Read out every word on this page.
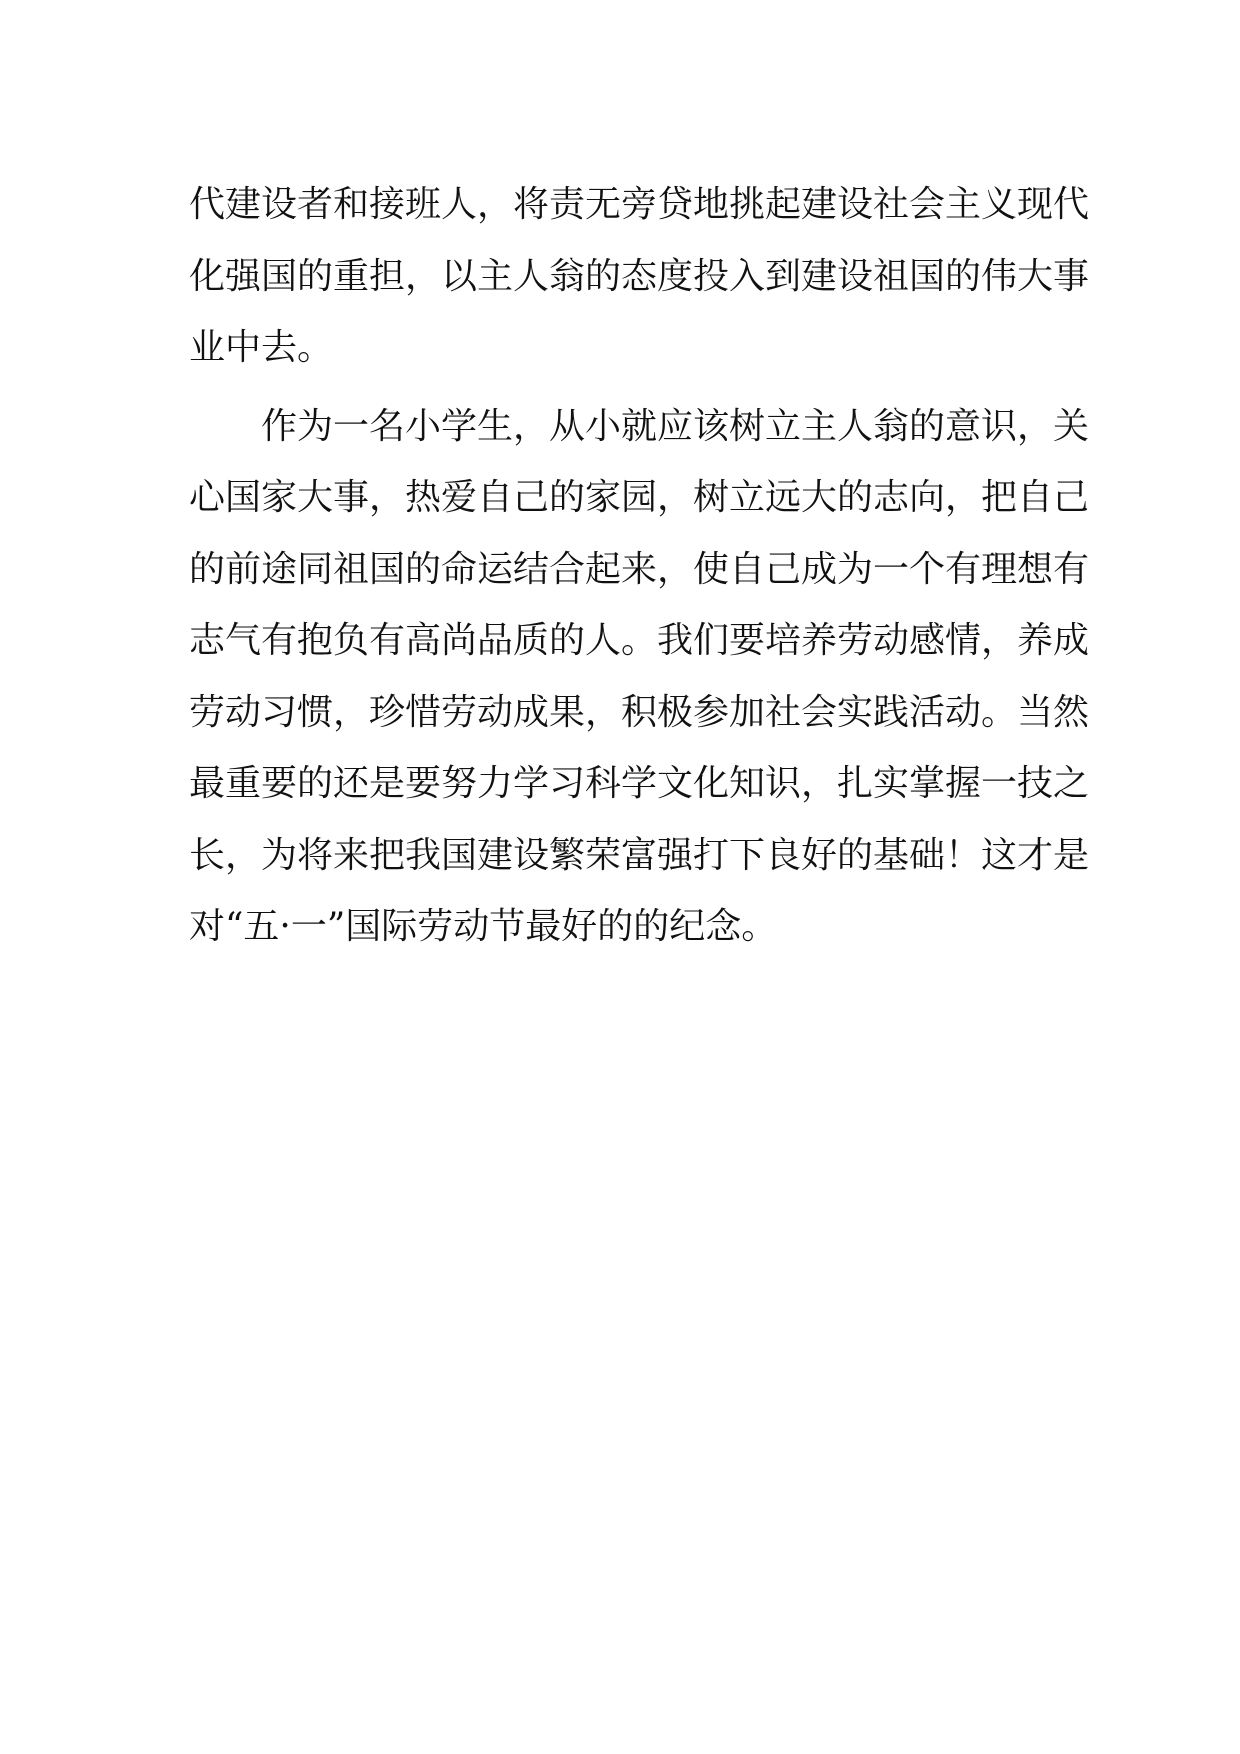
代建设者和接班人，将责无旁贷地挑起建设社会主义现代
化强国的重担，以主人翁的态度投入到建设祖国的伟大事
业中去。
　　作为一名小学生，从小就应该树立主人翁的意识，关
心国家大事，热爱自己的家园，树立远大的志向，把自己
的前途同祖国的命运结合起来，使自己成为一个有理想有
志气有抱负有高尚品质的人。我们要培养劳动感情，养成
劳动习惯，珍惜劳动成果，积极参加社会实践活动。当然
最重要的还是要努力学习科学文化知识，扎实掌握一技之
长，为将来把我国建设繁荣富强打下良好的基础！这才是
对“五·一”国际劳动节最好的的纪念。
